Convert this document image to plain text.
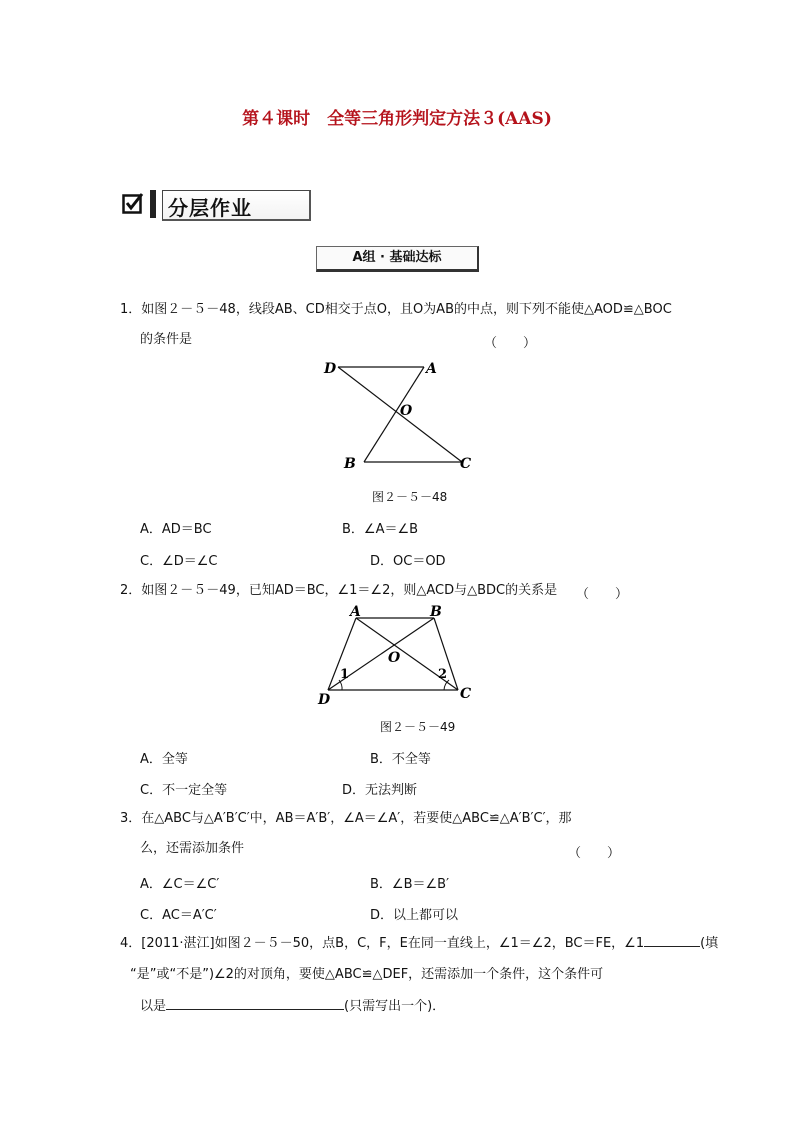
第４课时　全等三角形判定方法３(AAS)
分层作业
A组 · 基础达标
1．如图２－５－48，线段AB、CD相交于点O，且O为AB的中点，则下列不能使△AOD≌△BOC
的条件是	（　　）
D	A
O
B	C
图２－５－48
A．AD＝BC	B．∠A＝∠B
C．∠D＝∠C	D．OC＝OD
2．如图２－５－49，已知AD＝BC，∠1＝∠2，则△ACD与△BDC的关系是 （　　）
A	B
O
D	C
1	2
图２－５－49
A．全等	B．不全等
C．不一定全等	D．无法判断
3．在△ABC与△A′B′C′中，AB＝A′B′，∠A＝∠A′，若要使△ABC≌△A′B′C′，那
么，还需添加条件	（　　）
A．∠C＝∠C′	B．∠B＝∠B′
C．AC＝A′C′	D．以上都可以
4．[2011·湛江]如图２－５－50，点B，C，F，E在同一直线上，∠1＝∠2，BC＝FE，∠1	(填
“是”或“不是”)∠2的对顶角，要使△ABC≌△DEF，还需添加一个条件，这个条件可
以是	(只需写出一个)．
